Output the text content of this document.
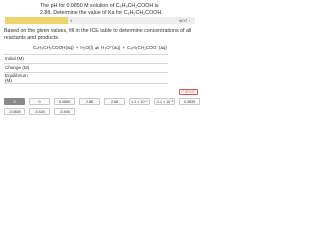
The pH for 0.0850 M solution of C₆H₅CH₂COOH is 2.88. Determine the value of Ka for C₆H₅CH₂COOH.
1	NEXT ›
Based on the given values, fill in the ICE table to determine concentrations of all reactants and products.
	C₆H₅CH₂COOH(aq)	+	H₂O(l)	⇌	H₃O⁺(aq)	+	C₆H₅CH₂COO⁻(aq)
Initial (M)	

Change (M)	

Equilibrium (M)	

↺ RESET
0	0	0.0850	2.88	2.88	1.1 × 10⁻³	-1.1 × 10⁻³	0.0839
-0.0839	-0.424	-0.405
